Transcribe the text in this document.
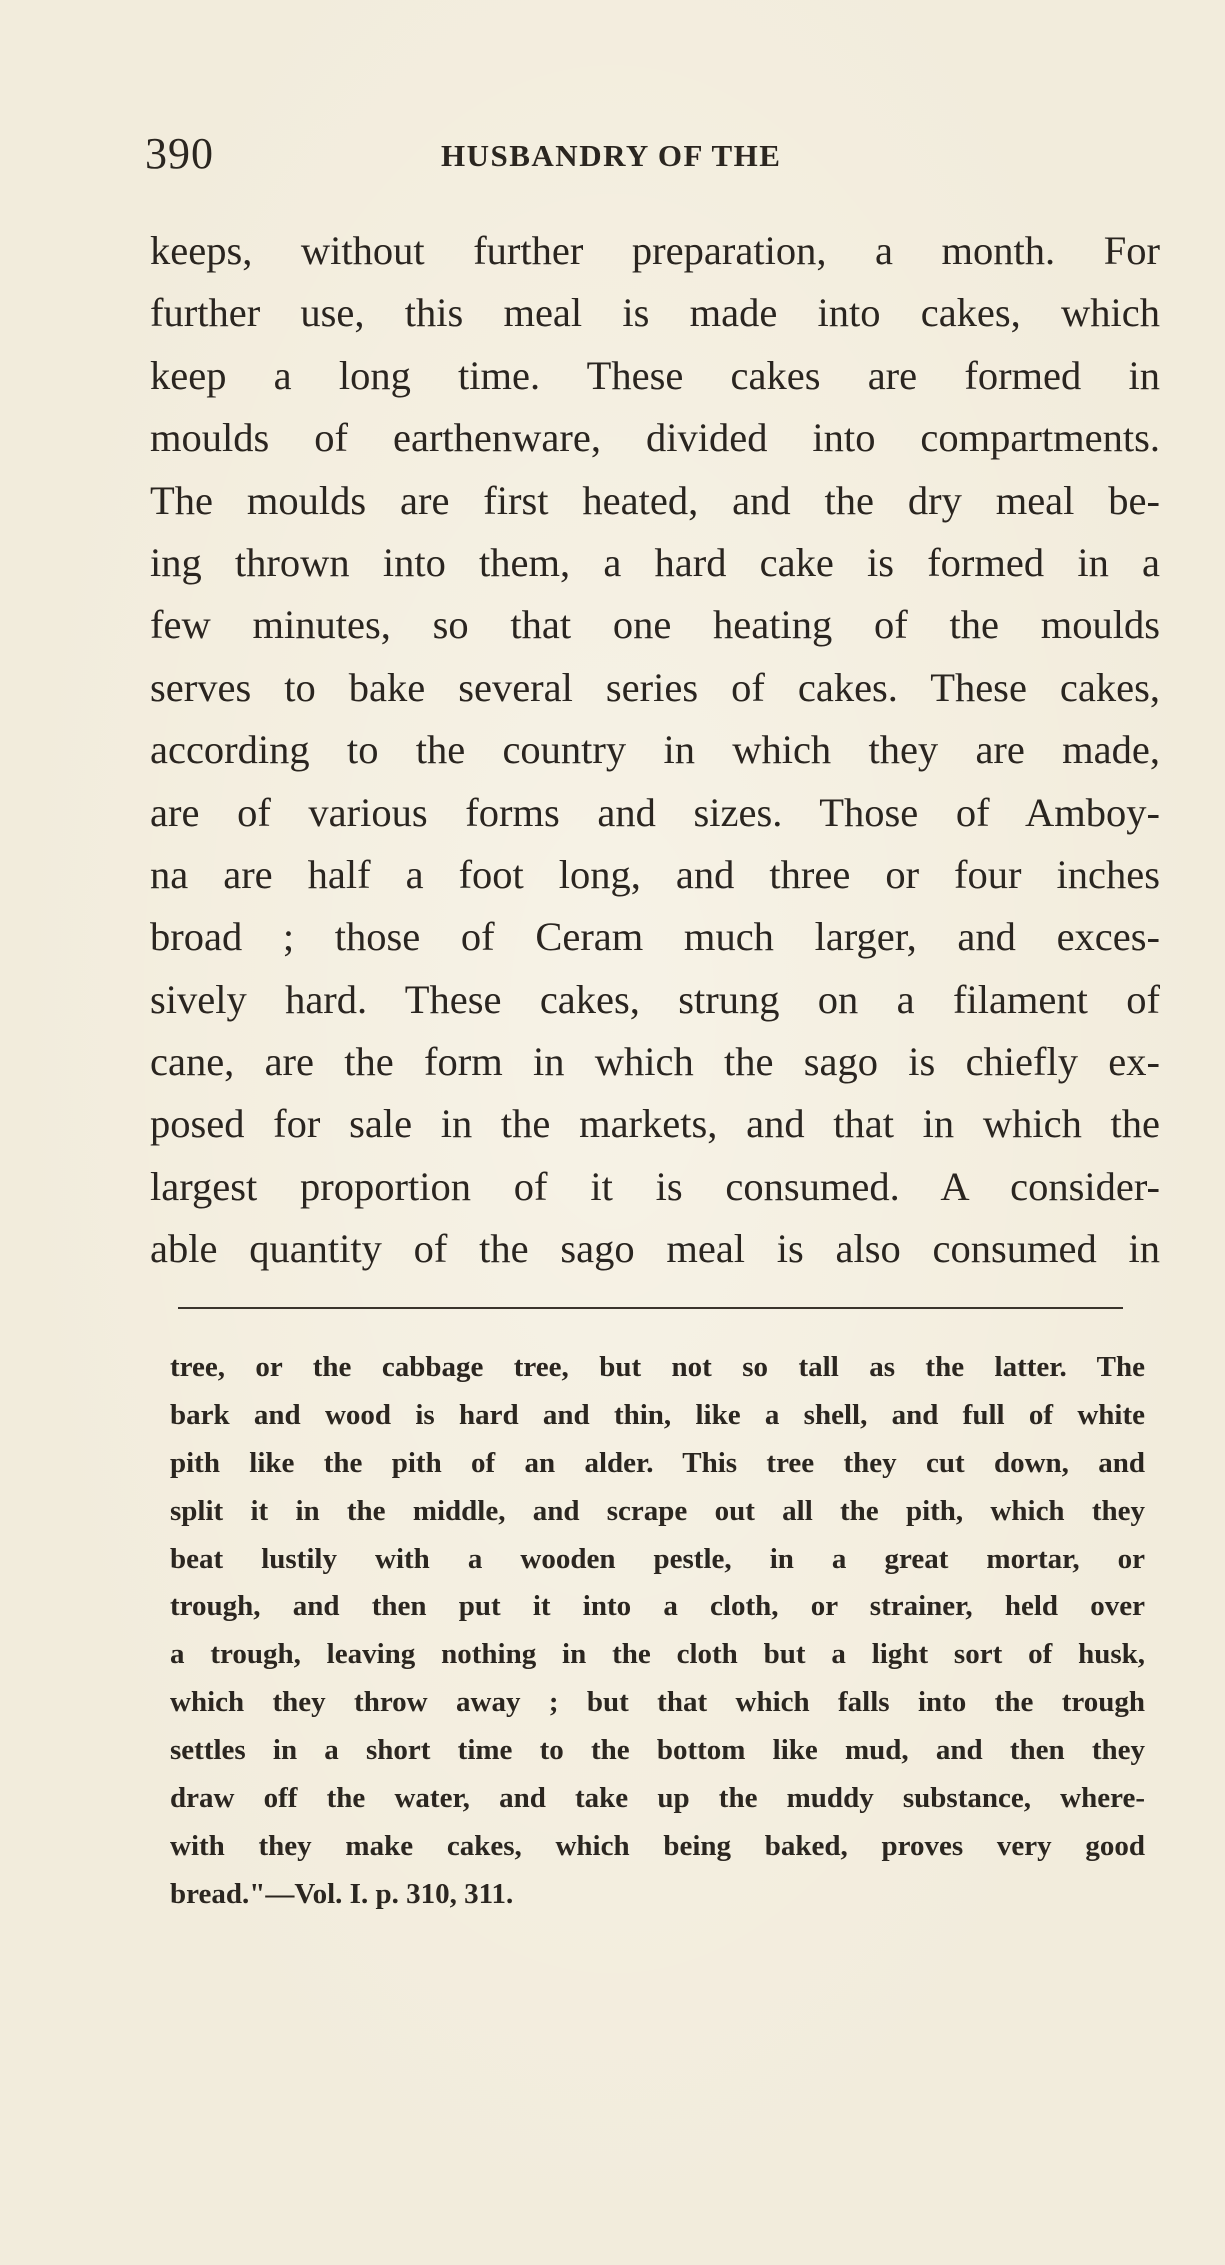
390	HUSBANDRY OF THE
keeps, without further preparation, a month. For
further use, this meal is made into cakes, which
keep a long time. These cakes are formed in
moulds of earthenware, divided into compartments.
The moulds are first heated, and the dry meal be-
ing thrown into them, a hard cake is formed in a
few minutes, so that one heating of the moulds
serves to bake several series of cakes. These cakes,
according to the country in which they are made,
are of various forms and sizes. Those of Amboy-
na are half a foot long, and three or four inches
broad ; those of Ceram much larger, and exces-
sively hard. These cakes, strung on a filament of
cane, are the form in which the sago is chiefly ex-
posed for sale in the markets, and that in which the
largest proportion of it is consumed. A consider-
able quantity of the sago meal is also consumed in
tree, or the cabbage tree, but not so tall as the latter. The
bark and wood is hard and thin, like a shell, and full of white
pith like the pith of an alder. This tree they cut down, and
split it in the middle, and scrape out all the pith, which they
beat lustily with a wooden pestle, in a great mortar, or
trough, and then put it into a cloth, or strainer, held over
a trough, leaving nothing in the cloth but a light sort of husk,
which they throw away ; but that which falls into the trough
settles in a short time to the bottom like mud, and then they
draw off the water, and take up the muddy substance, where-
with they make cakes, which being baked, proves very good
bread."—Vol. I. p. 310, 311.
